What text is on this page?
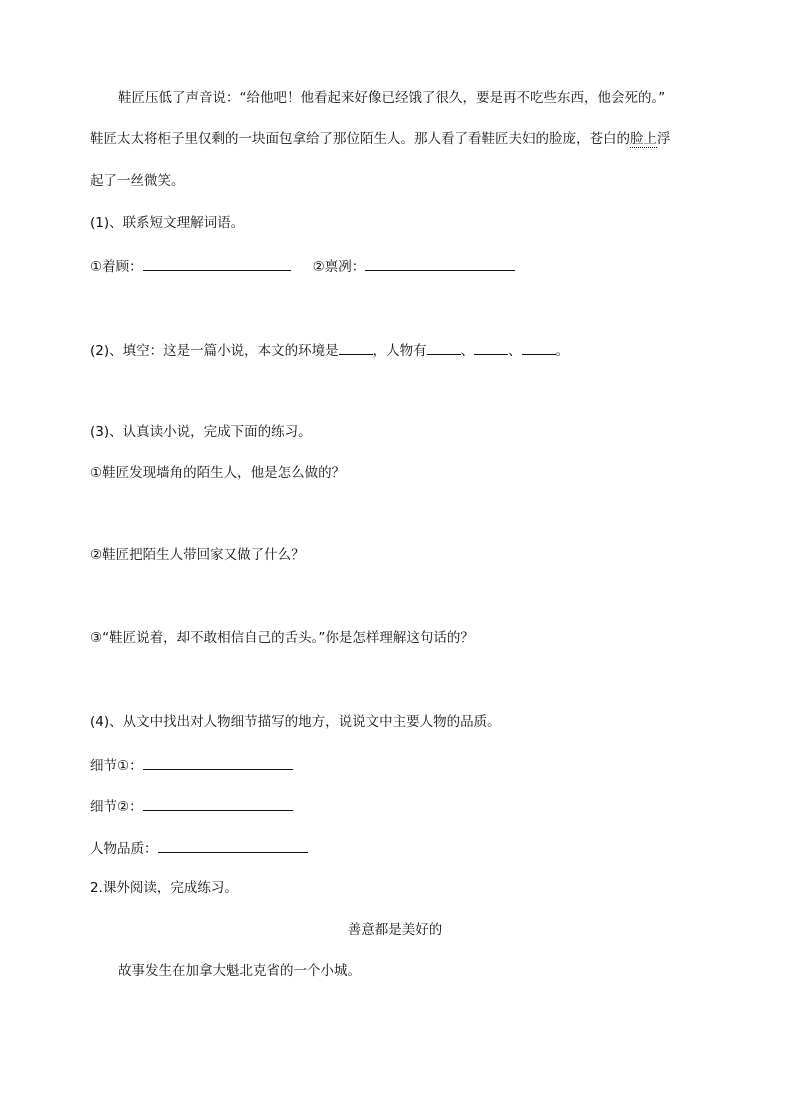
鞋匠压低了声音说：“给他吧！他看起来好像已经饿了很久，要是再不吃些东西，他会死的。”
鞋匠太太将柜子里仅剩的一块面包拿给了那位陌生人。那人看了看鞋匠夫妇的脸庞，苍白的脸上浮
起了一丝微笑。
(1)、联系短文理解词语。
①着顾：	②禀冽：
(2)、填空：这是一篇小说，本文的环境是	，人物有	、	、	。
(3)、认真读小说，完成下面的练习。
①鞋匠发现墙角的陌生人，他是怎么做的？
②鞋匠把陌生人带回家又做了什么？
③“鞋匠说着，却不敢相信自己的舌头。”你是怎样理解这句话的？
(4)、从文中找出对人物细节描写的地方，说说文中主要人物的品质。
细节①：
细节②：
人物品质：
2.课外阅读，完成练习。
善意都是美好的
故事发生在加拿大魁北克省的一个小城。
